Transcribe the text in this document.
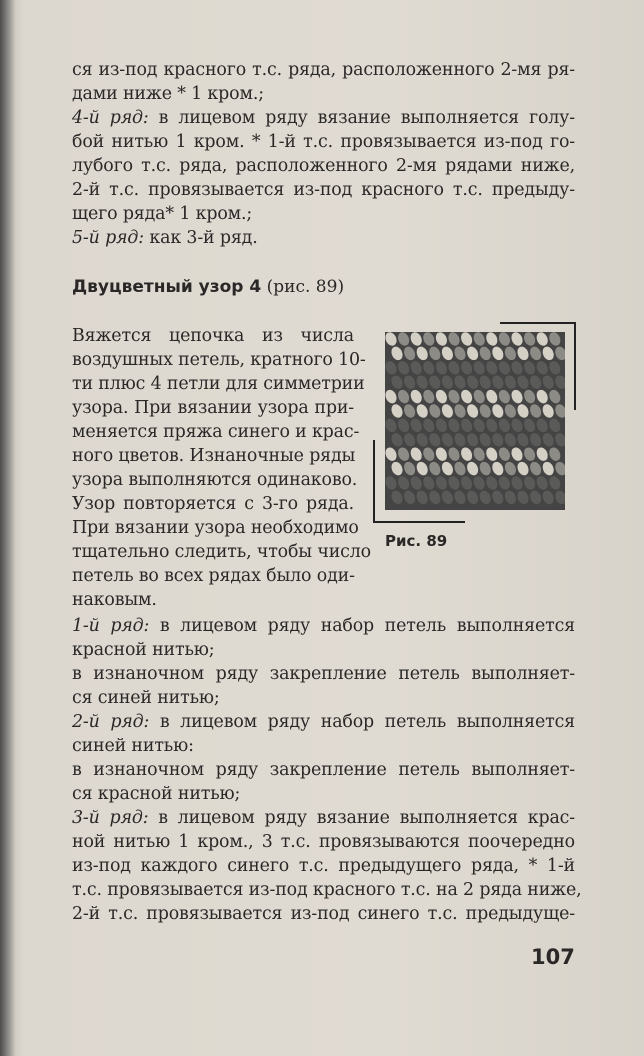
ся из-под красного т.с. ряда, расположенного 2-мя ря-
дами ниже * 1 кром.;
4-й ряд: в лицевом ряду вязание выполняется голу-
бой нитью 1 кром. * 1-й т.с. провязывается из-под го-
лубого т.с. ряда, расположенного 2-мя рядами ниже,
2-й т.с. провязывается из-под красного т.с. предыду-
щего ряда* 1 кром.;
5-й ряд: как 3-й ряд.
Двуцветный узор 4 (рис. 89)
Вяжется цепочка из числа
воздушных петель, кратного 10-
ти плюс 4 петли для симметрии
узора. При вязании узора при-
меняется пряжа синего и крас-
ного цветов. Изнаночные ряды
узора выполняются одинаково.
Узор повторяется с 3-го ряда.
При вязании узора необходимо
тщательно следить, чтобы число
петель во всех рядах было оди-
наковым.
Рис. 89
1-й ряд: в лицевом ряду набор петель выполняется
красной нитью;
в изнаночном ряду закрепление петель выполняет-
ся синей нитью;
2-й ряд: в лицевом ряду набор петель выполняется
синей нитью:
в изнаночном ряду закрепление петель выполняет-
ся красной нитью;
3-й ряд: в лицевом ряду вязание выполняется крас-
ной нитью 1 кром., 3 т.с. провязываются поочередно
из-под каждого синего т.с. предыдущего ряда, * 1-й
т.с. провязывается из-под красного т.с. на 2 ряда ниже,
2-й т.с. провязывается из-под синего т.с. предыдуще-
107
